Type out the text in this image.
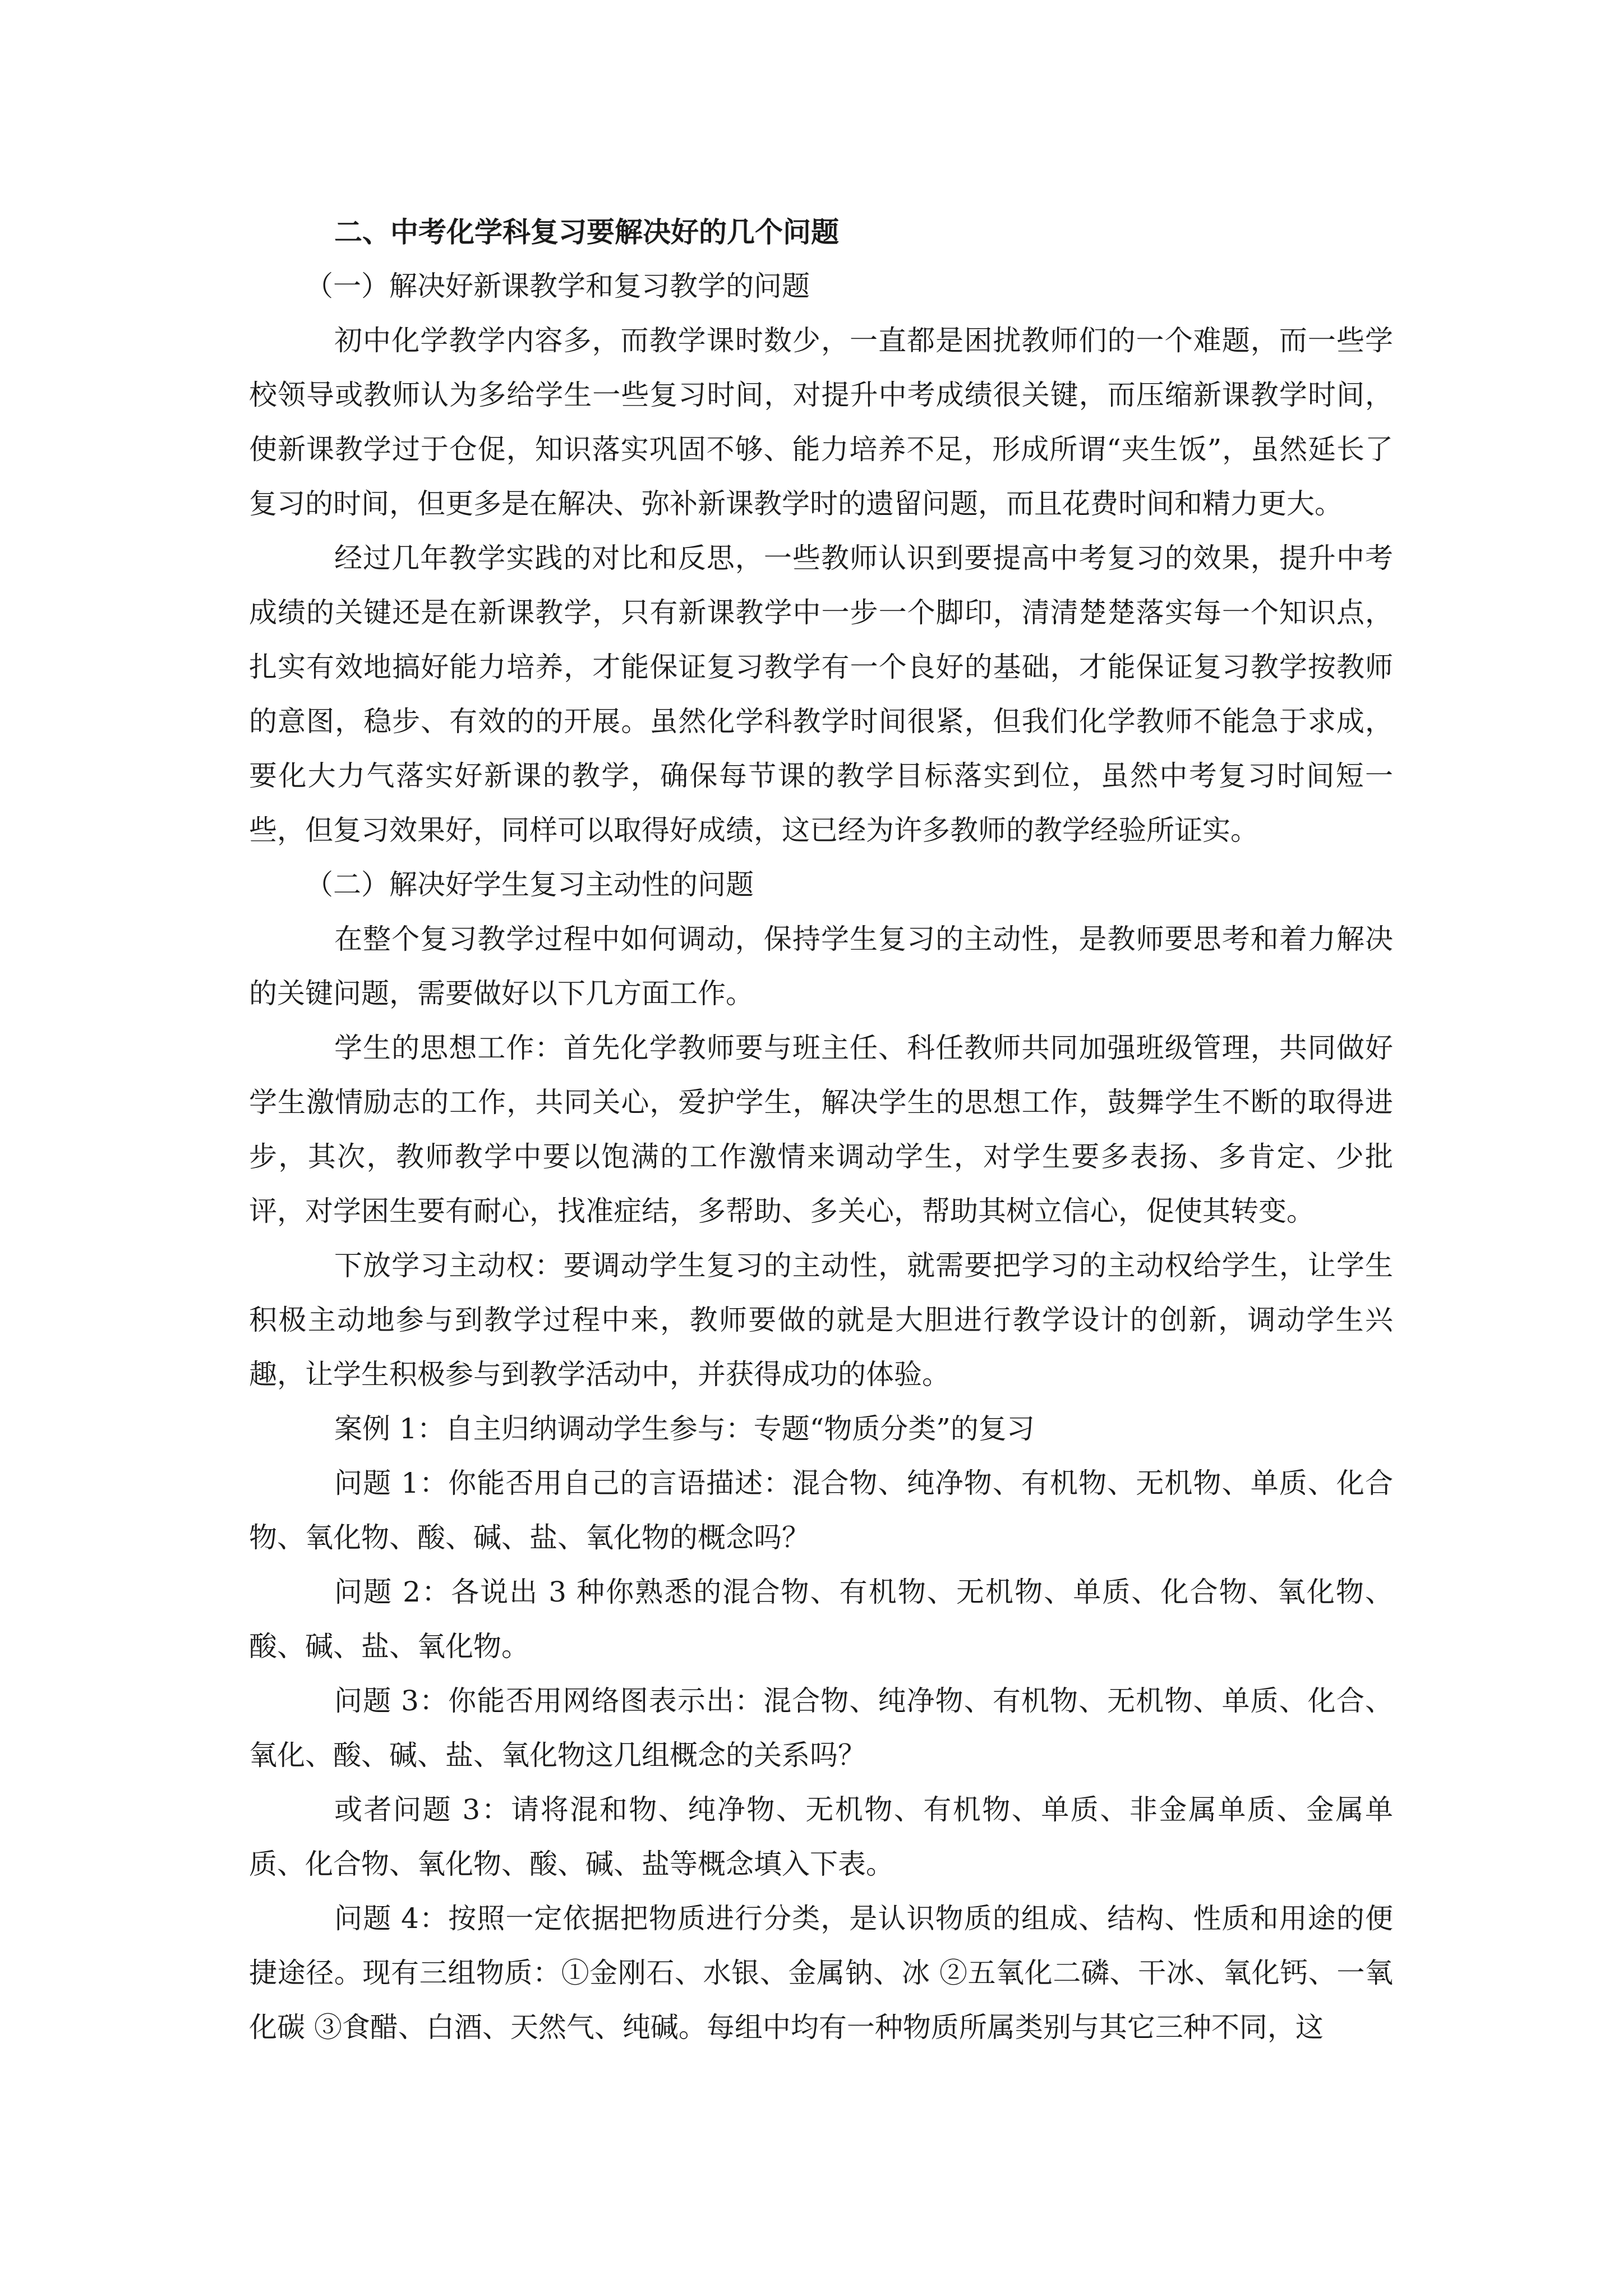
二、中考化学科复习要解决好的几个问题

（一）解决好新课教学和复习教学的问题

初中化学教学内容多，而教学课时数少，一直都是困扰教师们的一个难题，而一些学校领导或教师认为多给学生一些复习时间，对提升中考成绩很关键，而压缩新课教学时间，使新课教学过于仓促，知识落实巩固不够、能力培养不足，形成所谓“夹生饭”，虽然延长了复习的时间，但更多是在解决、弥补新课教学时的遗留问题，而且花费时间和精力更大。

经过几年教学实践的对比和反思，一些教师认识到要提高中考复习的效果，提升中考成绩的关键还是在新课教学，只有新课教学中一步一个脚印，清清楚楚落实每一个知识点，扎实有效地搞好能力培养，才能保证复习教学有一个良好的基础，才能保证复习教学按教师的意图，稳步、有效的的开展。虽然化学科教学时间很紧，但我们化学教师不能急于求成，要化大力气落实好新课的教学，确保每节课的教学目标落实到位，虽然中考复习时间短一些，但复习效果好，同样可以取得好成绩，这已经为许多教师的教学经验所证实。

（二）解决好学生复习主动性的问题

在整个复习教学过程中如何调动，保持学生复习的主动性，是教师要思考和着力解决的关键问题，需要做好以下几方面工作。

学生的思想工作：首先化学教师要与班主任、科任教师共同加强班级管理，共同做好学生激情励志的工作，共同关心，爱护学生，解决学生的思想工作，鼓舞学生不断的取得进步，其次，教师教学中要以饱满的工作激情来调动学生，对学生要多表扬、多肯定、少批评，对学困生要有耐心，找准症结，多帮助、多关心，帮助其树立信心，促使其转变。

下放学习主动权：要调动学生复习的主动性，就需要把学习的主动权给学生，让学生积极主动地参与到教学过程中来，教师要做的就是大胆进行教学设计的创新，调动学生兴趣，让学生积极参与到教学活动中，并获得成功的体验。

案例 1：自主归纳调动学生参与：专题“物质分类”的复习

问题 1：你能否用自己的言语描述：混合物、纯净物、有机物、无机物、单质、化合物、氧化物、酸、碱、盐、氧化物的概念吗？

问题 2：各说出 3 种你熟悉的混合物、有机物、无机物、单质、化合物、氧化物、酸、碱、盐、氧化物。

问题 3：你能否用网络图表示出：混合物、纯净物、有机物、无机物、单质、化合、氧化、酸、碱、盐、氧化物这几组概念的关系吗？

或者问题 3：请将混和物、纯净物、无机物、有机物、单质、非金属单质、金属单质、化合物、氧化物、酸、碱、盐等概念填入下表。

问题 4：按照一定依据把物质进行分类，是认识物质的组成、结构、性质和用途的便捷途径。现有三组物质：①金刚石、水银、金属钠、冰 ②五氧化二磷、干冰、氧化钙、一氧化碳 ③食醋、白酒、天然气、纯碱。每组中均有一种物质所属类别与其它三种不同，这
